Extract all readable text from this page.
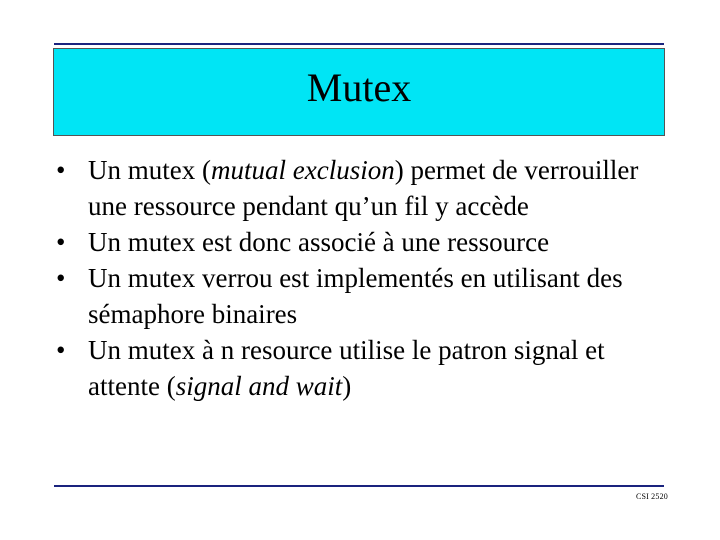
Mutex
• Un mutex (mutual exclusion) permet de verrouiller une ressource pendant qu’un fil y accède
• Un mutex est donc associé à une ressource
• Un mutex verrou est implementés en utilisant des sémaphore binaires
• Un mutex à n resource utilise le patron signal et attente (signal and wait)
CSI 2520
